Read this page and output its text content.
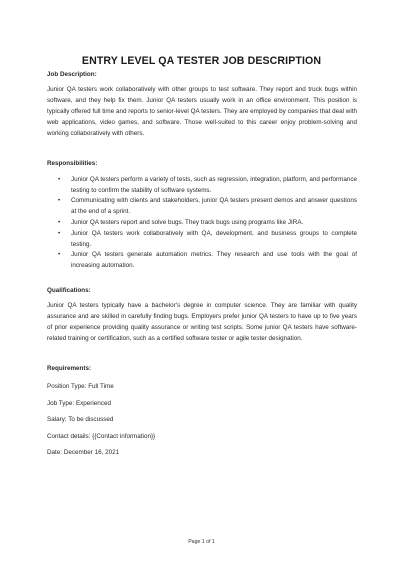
ENTRY LEVEL QA TESTER JOB DESCRIPTION

Job Description:

Junior QA testers work collaboratively with other groups to test software. They report and truck bugs within software, and they help fix them. Junior QA testers usually work in an office environment. This position is typically offered full time and reports to senior-level QA testers. They are employed by companies that deal with web applications, video games, and software. Those well-suited to this career enjoy problem-solving and working collaboratively with others.

Responsibilities:

• Junior QA testers perform a variety of tests, such as regression, integration, platform, and performance testing to confirm the stability of software systems.
• Communicating with clients and stakeholders, junior QA testers present demos and answer questions at the end of a sprint.
• Junior QA testers report and solve bugs. They track bugs using programs like JIRA.
• Junior QA testers work collaboratively with QA, development, and business groups to complete testing.
• Junior QA testers generate automation metrics. They research and use tools with the goal of increasing automation.

Qualifications:

Junior QA testers typically have a bachelor's degree in computer science. They are familiar with quality assurance and are skilled in carefully finding bugs. Employers prefer junior QA testers to have up to five years of prior experience providing quality assurance or writing test scripts. Some junior QA testers have software-related training or certification, such as a certified software tester or agile tester designation.

Requirements:

Position Type: Full Time

Job Type: Experienced

Salary: To be discussed

Contact details: {{Contact information}}

Date: December 16, 2021

Page 1 of 1
